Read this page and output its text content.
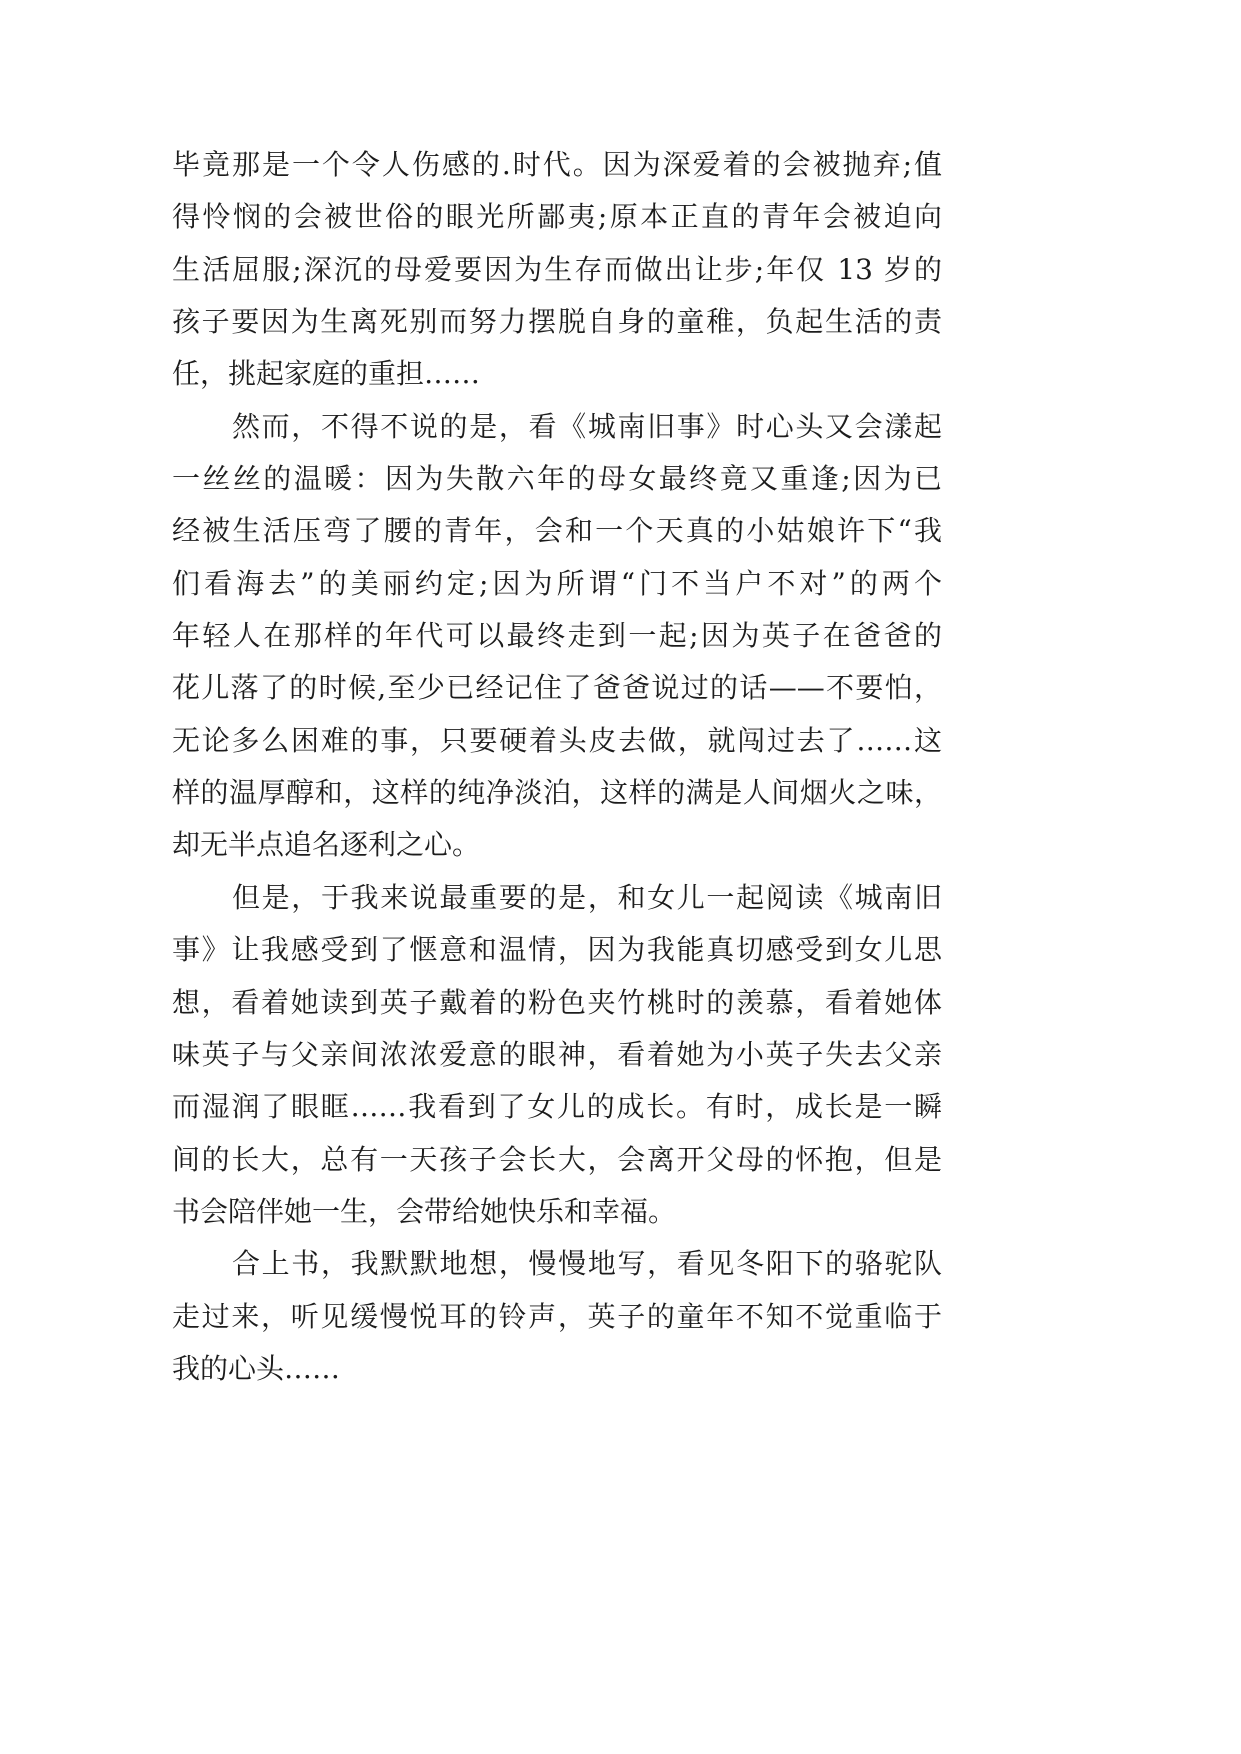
毕竟那是一个令人伤感的.时代。因为深爱着的会被抛弃;值
得怜悯的会被世俗的眼光所鄙夷;原本正直的青年会被迫向
生活屈服;深沉的母爱要因为生存而做出让步;年仅 13 岁的
孩子要因为生离死别而努力摆脱自身的童稚，负起生活的责
任，挑起家庭的重担……
然而，不得不说的是，看《城南旧事》时心头又会漾起
一丝丝的温暖：因为失散六年的母女最终竟又重逢;因为已
经被生活压弯了腰的青年，会和一个天真的小姑娘许下“我
们看海去”的美丽约定;因为所谓“门不当户不对”的两个
年轻人在那样的年代可以最终走到一起;因为英子在爸爸的
花儿落了的时候,至少已经记住了爸爸说过的话——不要怕，
无论多么困难的事，只要硬着头皮去做，就闯过去了……这
样的温厚醇和，这样的纯净淡泊，这样的满是人间烟火之味，
却无半点追名逐利之心。
但是，于我来说最重要的是，和女儿一起阅读《城南旧
事》让我感受到了惬意和温情，因为我能真切感受到女儿思
想，看着她读到英子戴着的粉色夹竹桃时的羡慕，看着她体
味英子与父亲间浓浓爱意的眼神，看着她为小英子失去父亲
而湿润了眼眶……我看到了女儿的成长。有时，成长是一瞬
间的长大，总有一天孩子会长大，会离开父母的怀抱，但是
书会陪伴她一生，会带给她快乐和幸福。
合上书，我默默地想，慢慢地写，看见冬阳下的骆驼队
走过来，听见缓慢悦耳的铃声，英子的童年不知不觉重临于
我的心头……
